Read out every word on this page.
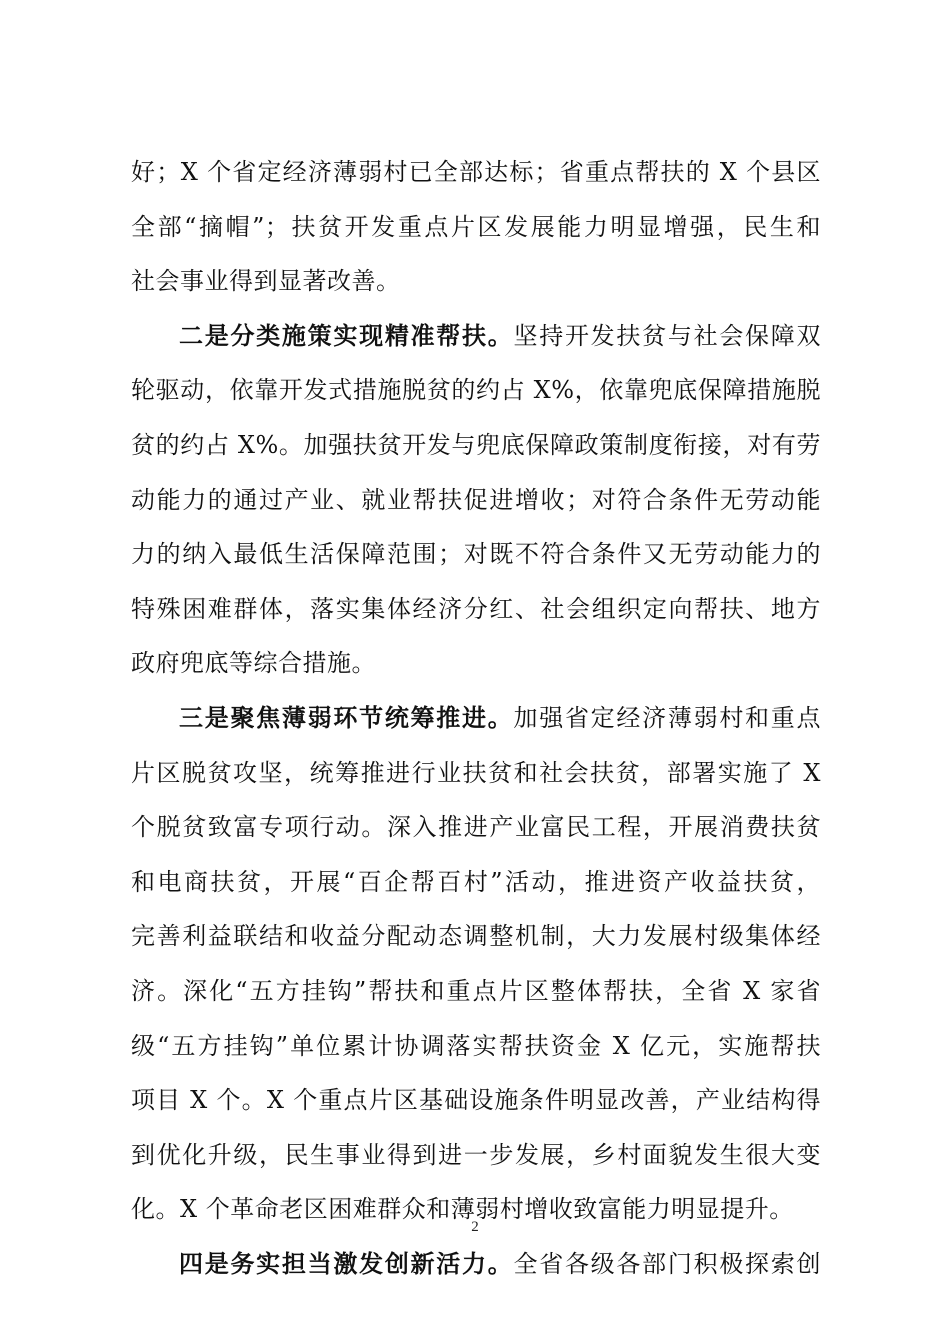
好；X 个省定经济薄弱村已全部达标；省重点帮扶的 X 个县区
全部“摘帽”；扶贫开发重点片区发展能力明显增强，民生和
社会事业得到显著改善。
二是分类施策实现精准帮扶。坚持开发扶贫与社会保障双
轮驱动，依靠开发式措施脱贫的约占 X%，依靠兜底保障措施脱
贫的约占 X%。加强扶贫开发与兜底保障政策制度衔接，对有劳
动能力的通过产业、就业帮扶促进增收；对符合条件无劳动能
力的纳入最低生活保障范围；对既不符合条件又无劳动能力的
特殊困难群体，落实集体经济分红、社会组织定向帮扶、地方
政府兜底等综合措施。
三是聚焦薄弱环节统筹推进。加强省定经济薄弱村和重点
片区脱贫攻坚，统筹推进行业扶贫和社会扶贫，部署实施了 X
个脱贫致富专项行动。深入推进产业富民工程，开展消费扶贫
和电商扶贫，开展“百企帮百村”活动，推进资产收益扶贫，
完善利益联结和收益分配动态调整机制，大力发展村级集体经
济。深化“五方挂钩”帮扶和重点片区整体帮扶，全省 X 家省
级“五方挂钩”单位累计协调落实帮扶资金 X 亿元，实施帮扶
项目 X 个。X 个重点片区基础设施条件明显改善，产业结构得
到优化升级，民生事业得到进一步发展，乡村面貌发生很大变
化。X 个革命老区困难群众和薄弱村增收致富能力明显提升。
四是务实担当激发创新活力。全省各级各部门积极探索创
2
